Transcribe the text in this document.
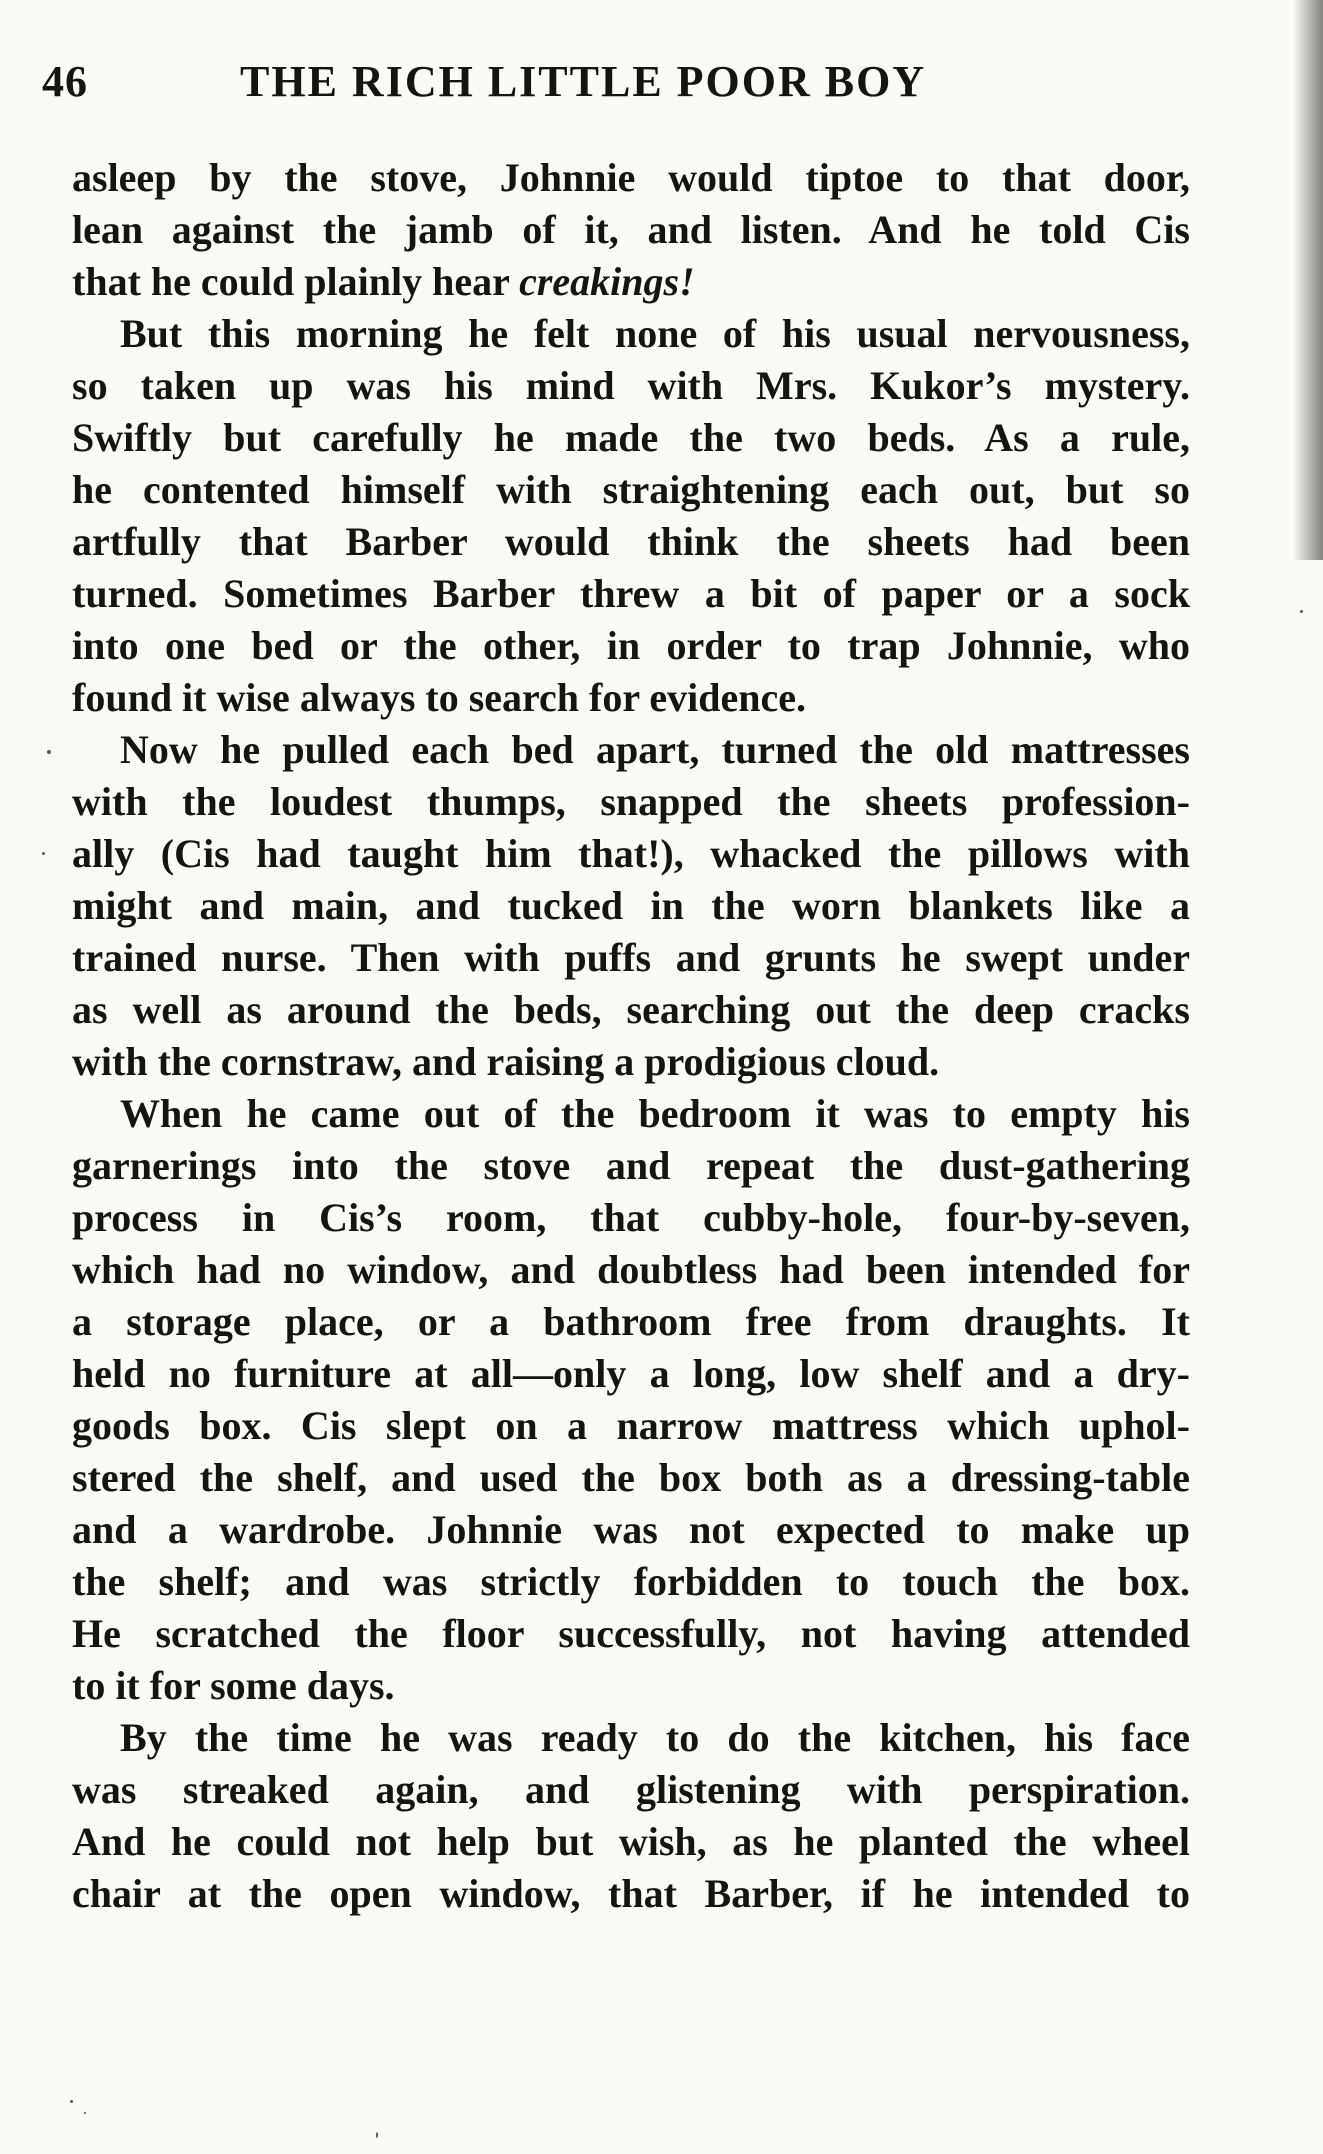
46	THE RICH LITTLE POOR BOY
asleep by the stove, Johnnie would tiptoe to that door,
lean against the jamb of it, and listen. And he told Cis
that he could plainly hear creakings!
But this morning he felt none of his usual nervousness,
so taken up was his mind with Mrs. Kukor’s mystery.
Swiftly but carefully he made the two beds. As a rule,
he contented himself with straightening each out, but so
artfully that Barber would think the sheets had been
turned. Sometimes Barber threw a bit of paper or a sock
into one bed or the other, in order to trap Johnnie, who
found it wise always to search for evidence.
Now he pulled each bed apart, turned the old mattresses
with the loudest thumps, snapped the sheets profession-
ally (Cis had taught him that!), whacked the pillows with
might and main, and tucked in the worn blankets like a
trained nurse. Then with puffs and grunts he swept under
as well as around the beds, searching out the deep cracks
with the cornstraw, and raising a prodigious cloud.
When he came out of the bedroom it was to empty his
garnerings into the stove and repeat the dust-gathering
process in Cis’s room, that cubby-hole, four-by-seven,
which had no window, and doubtless had been intended for
a storage place, or a bathroom free from draughts. It
held no furniture at all—only a long, low shelf and a dry-
goods box. Cis slept on a narrow mattress which uphol-
stered the shelf, and used the box both as a dressing-table
and a wardrobe. Johnnie was not expected to make up
the shelf; and was strictly forbidden to touch the box.
He scratched the floor successfully, not having attended
to it for some days.
By the time he was ready to do the kitchen, his face
was streaked again, and glistening with perspiration.
And he could not help but wish, as he planted the wheel
chair at the open window, that Barber, if he intended to
